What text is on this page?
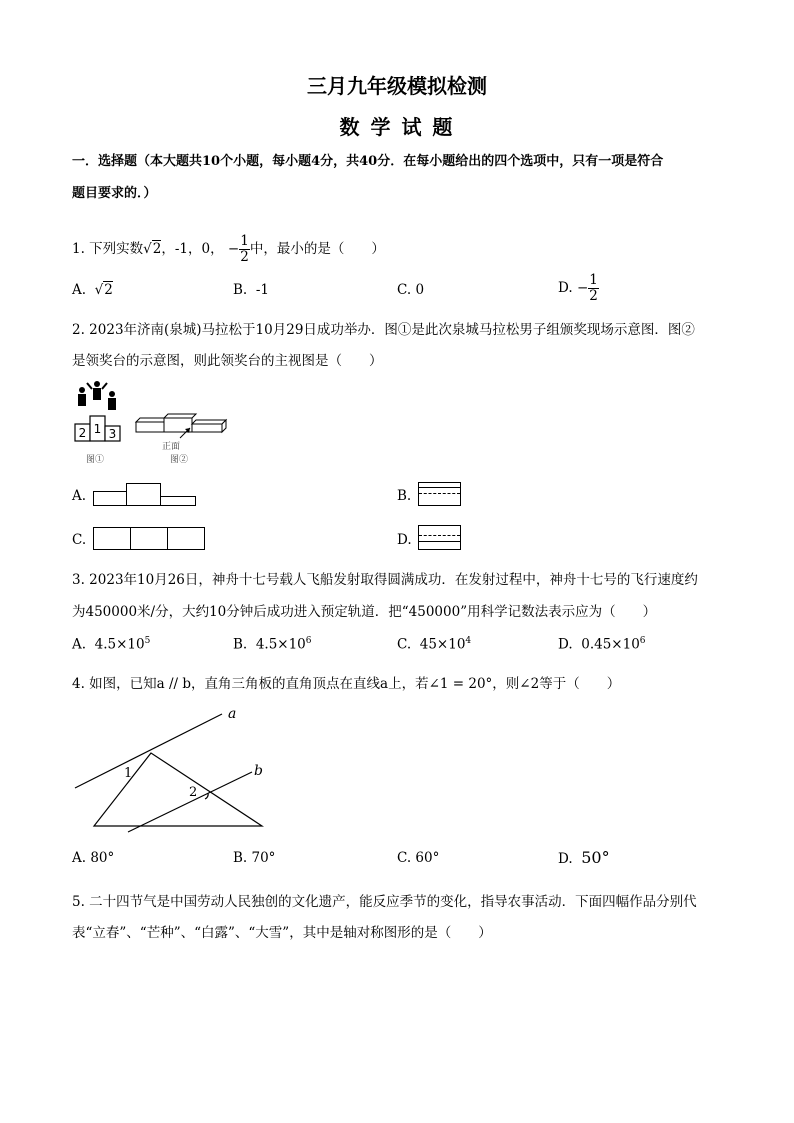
三月九年级模拟检测
数 学 试 题
一．选择题（本大题共10个小题，每小题4分，共40分．在每小题给出的四个选项中，只有一项是符合
题目要求的．）
1. 下列实数√2，-1，0， − $\frac{1}{2}$ 中，最小的是（　　）
A. √2	B. -1	C. 0	D. − $\frac{1}{2}$
2. 2023年济南(泉城)马拉松于10月29日成功举办．图①是此次泉城马拉松男子组颁奖现场示意图．图②
是领奖台的示意图，则此领奖台的主视图是（　　）
2 1 3
图①
正面
图②
A.	B.
C.	D.
3. 2023年10月26日，神舟十七号载人飞船发射取得圆满成功．在发射过程中，神舟十七号的飞行速度约
为450000米/分，大约10分钟后成功进入预定轨道．把“450000”用科学记数法表示应为（　　）
A. $4.5\times 10^5$	B. $4.5\times 10^6$	C. $45\times 10^4$	D. $0.45\times 10^6$
4. 如图，已知a // b，直角三角板的直角顶点在直线a上，若∠1 = 20°，则∠2等于（　　）
a
b
1
2
A. 80°	B. 70°	C. 60°	D. 50°
5. 二十四节气是中国劳动人民独创的文化遗产，能反应季节的变化，指导农事活动．下面四幅作品分别代
表“立春”、“芒种”、“白露”、“大雪”，其中是轴对称图形的是（　　）
